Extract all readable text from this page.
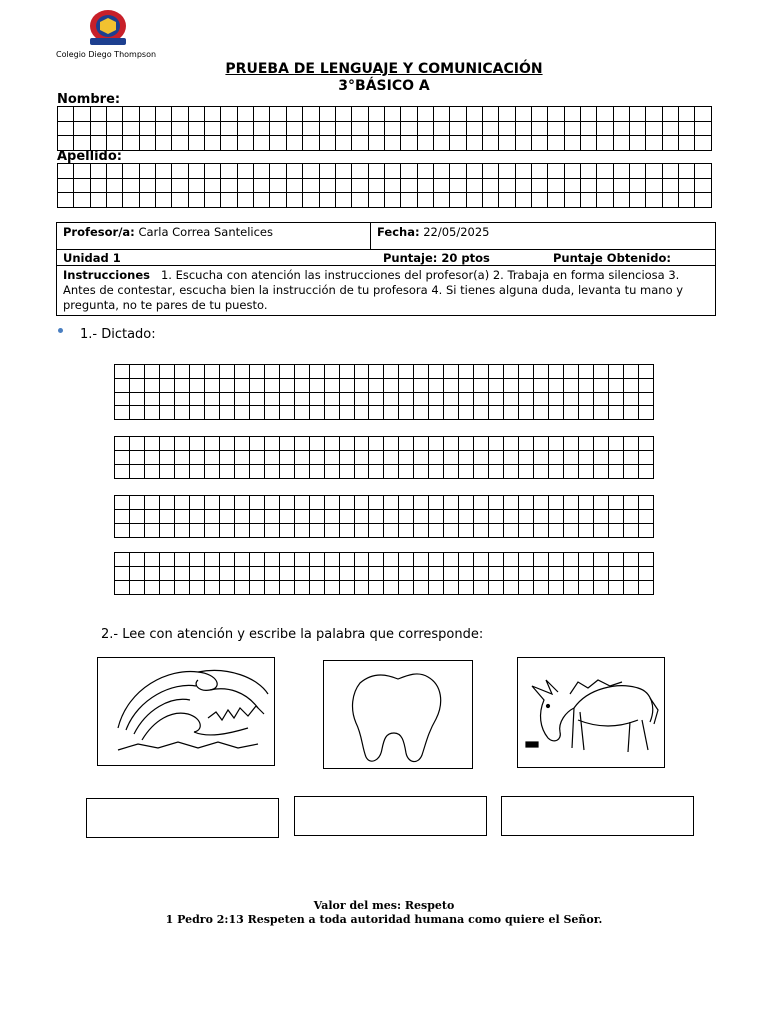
Colegio Diego Thompson
PRUEBA DE LENGUAJE Y COMUNICACIÓN
3°BÁSICO A
Nombre:

Apellido:

Profesor/a: Carla Correa Santelices	Fecha: 22/05/2025
Unidad 1	Puntaje: 20 ptos	Puntaje Obtenido:
Instrucciones 1. Escucha con atención las instrucciones del profesor(a) 2. Trabaja en forma silenciosa 3. Antes de contestar, escucha bien la instrucción de tu profesora 4. Si tienes alguna duda, levanta tu mano y pregunta, no te pares de tu puesto.
1.- Dictado:

2.- Lee con atención y escribe la palabra que corresponde:
Valor del mes: Respeto
1 Pedro 2:13 Respeten a toda autoridad humana como quiere el Señor.
